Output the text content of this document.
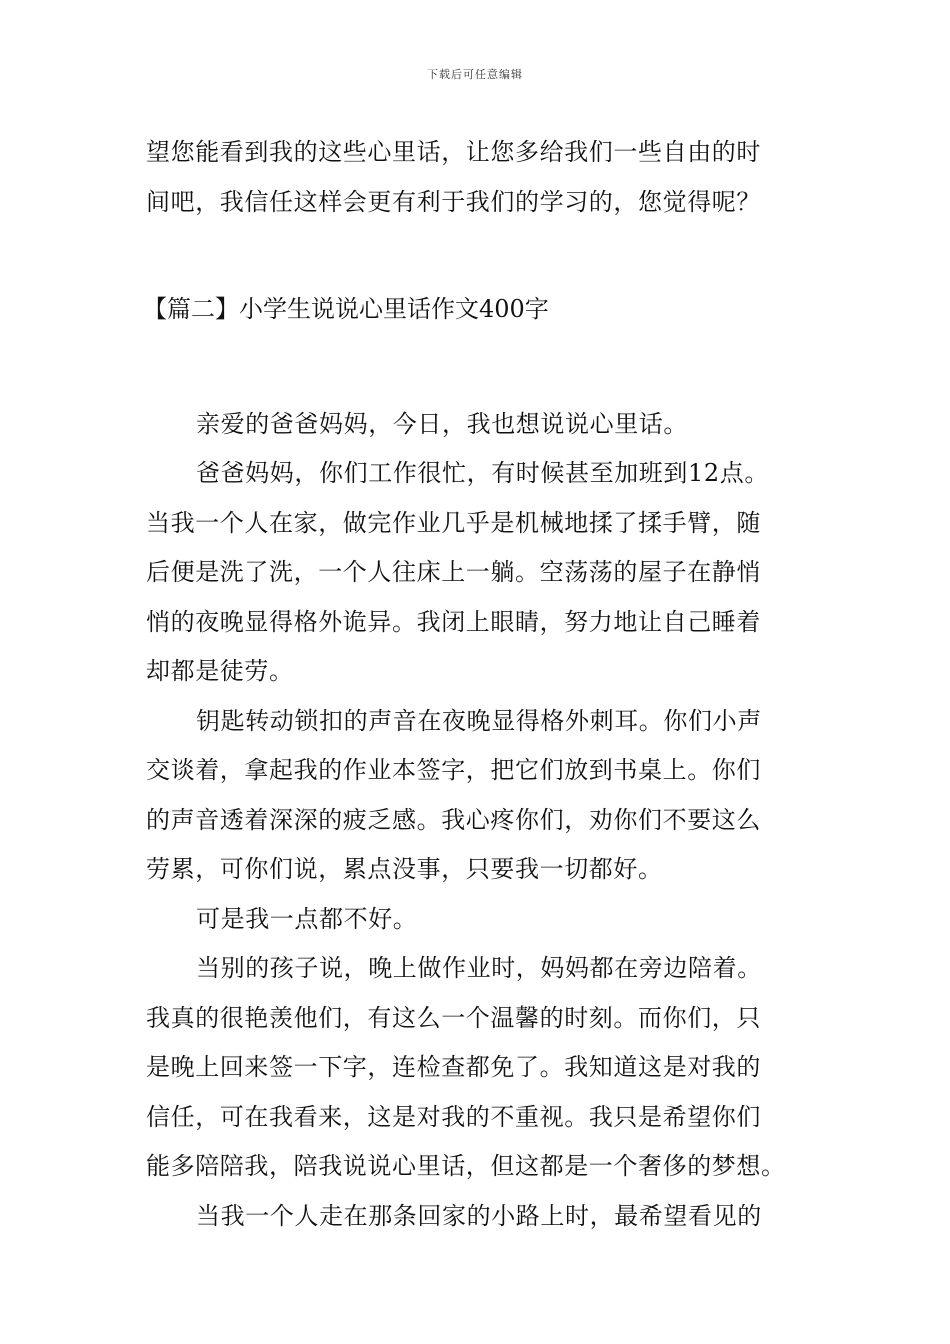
下载后可任意编辑
望您能看到我的这些心里话，让您多给我们一些自由的时
间吧，我信任这样会更有利于我们的学习的，您觉得呢？
【篇二】小学生说说心里话作文400字
亲爱的爸爸妈妈，今日，我也想说说心里话。
爸爸妈妈，你们工作很忙，有时候甚至加班到12点。
当我一个人在家，做完作业几乎是机械地揉了揉手臂，随
后便是洗了洗，一个人往床上一躺。空荡荡的屋子在静悄
悄的夜晚显得格外诡异。我闭上眼睛，努力地让自己睡着
却都是徒劳。
钥匙转动锁扣的声音在夜晚显得格外刺耳。你们小声
交谈着，拿起我的作业本签字，把它们放到书桌上。你们
的声音透着深深的疲乏感。我心疼你们，劝你们不要这么
劳累，可你们说，累点没事，只要我一切都好。
可是我一点都不好。
当别的孩子说，晚上做作业时，妈妈都在旁边陪着。
我真的很艳羡他们，有这么一个温馨的时刻。而你们，只
是晚上回来签一下字，连检查都免了。我知道这是对我的
信任，可在我看来，这是对我的不重视。我只是希望你们
能多陪陪我，陪我说说心里话，但这都是一个奢侈的梦想。
当我一个人走在那条回家的小路上时，最希望看见的
